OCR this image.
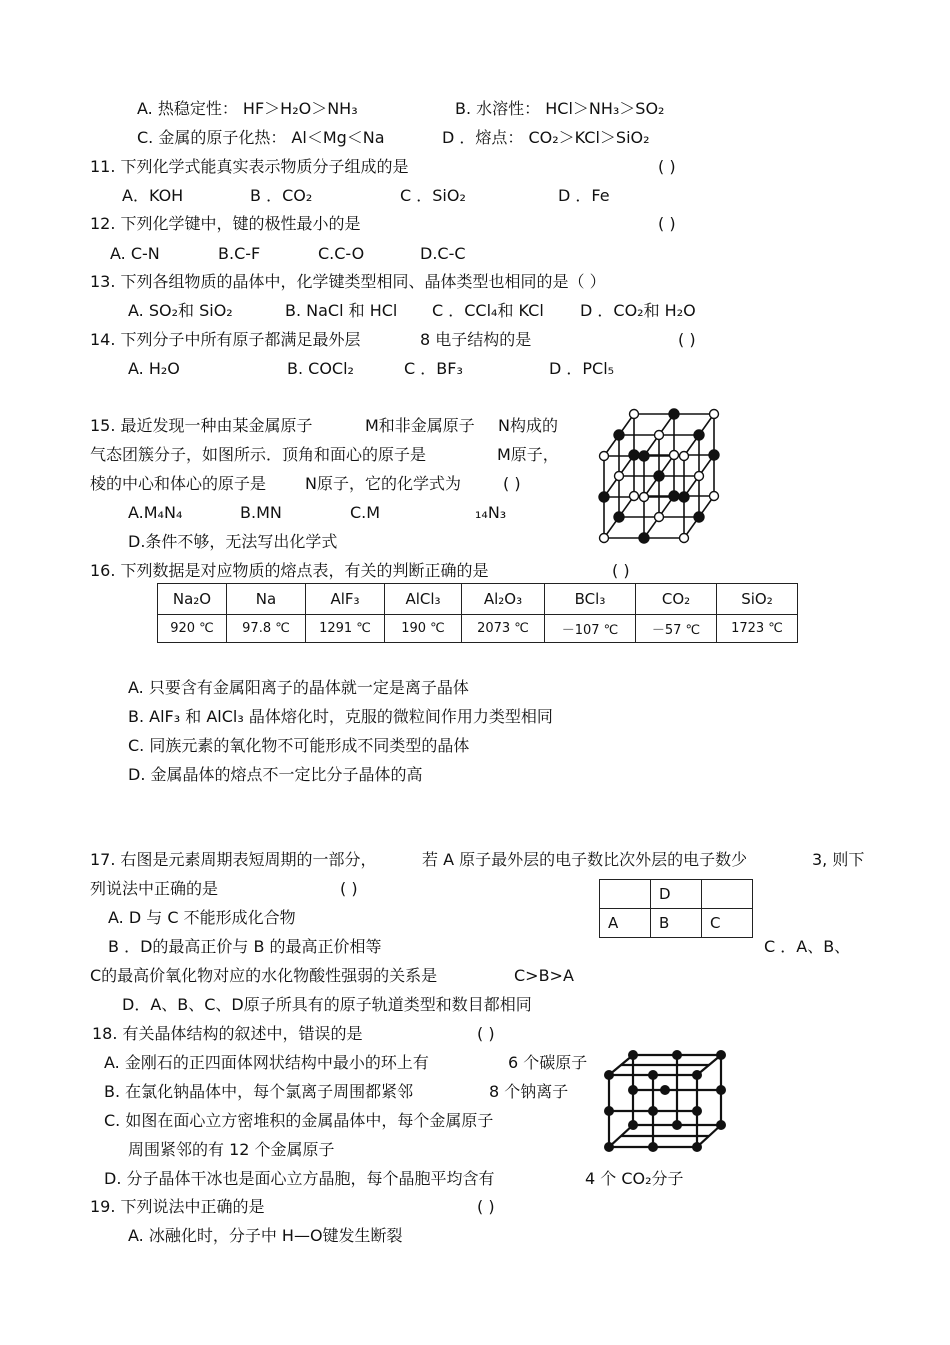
A. 热稳定性： HF＞H₂O＞NH₃	B. 水溶性： HCl＞NH₃＞SO₂
C. 金属的原子化热： Al＜Mg＜Na	D ．熔点： CO₂＞KCl＞SiO₂
11. 下列化学式能真实表示物质分子组成的是	( )
A．KOH	B ．CO₂	C ．SiO₂	D ．Fe
12. 下列化学键中，键的极性最小的是	( )
A. C-N	B.C-F	C.C-O	D.C-C
13. 下列各组物质的晶体中，化学键类型相同、晶体类型也相同的是（ ）
A. SO₂和 SiO₂	B. NaCl 和 HCl C ．CCl₄和 KCl D ．CO₂和 H₂O
14. 下列分子中所有原子都满足最外层	8 电子结构的是	( )
A. H₂O	B. COCl₂	C ．BF₃	D ．PCl₅
15. 最近发现一种由某金属原子	M和非金属原子 N构成的
气态团簇分子，如图所示．顶角和面心的原子是	M原子，
棱的中心和体心的原子是 N原子，它的化学式为	( )
A.M₄N₄	B.MN	C.M	₁₄N₃
D.条件不够，无法写出化学式
16. 下列数据是对应物质的熔点表，有关的判断正确的是	( )
Na₂O	Na	AlF₃	AlCl₃	Al₂O₃	BCl₃	CO₂	SiO₂
920 ℃	97.8 ℃	1291 ℃	190 ℃	2073 ℃	－107 ℃	－57 ℃	1723 ℃
A. 只要含有金属阳离子的晶体就一定是离子晶体
B. AlF₃ 和 AlCl₃ 晶体熔化时，克服的微粒间作用力类型相同
C. 同族元素的氧化物不可能形成不同类型的晶体
D. 金属晶体的熔点不一定比分子晶体的高
17. 右图是元素周期表短周期的一部分，	若 A 原子最外层的电子数比次外层的电子数少	3, 则下
列说法中正确的是	( )
A. D 与 C 不能形成化合物
B ．D的最高正价与 B 的最高正价相等	C ．A、B、
C的最高价氧化物对应的水化物酸性强弱的关系是	C>B>A
D．A、B、C、D原子所具有的原子轨道类型和数目都相同
	D	
A	B	C
18. 有关晶体结构的叙述中，错误的是	( )
A. 金刚石的正四面体网状结构中最小的环上有	6 个碳原子
B. 在氯化钠晶体中，每个氯离子周围都紧邻	8 个钠离子
C. 如图在面心立方密堆积的金属晶体中，每个金属原子
周围紧邻的有 12 个金属原子
D. 分子晶体干冰也是面心立方晶胞，每个晶胞平均含有	4 个 CO₂分子
19. 下列说法中正确的是	( )
A. 冰融化时，分子中 H—O键发生断裂
